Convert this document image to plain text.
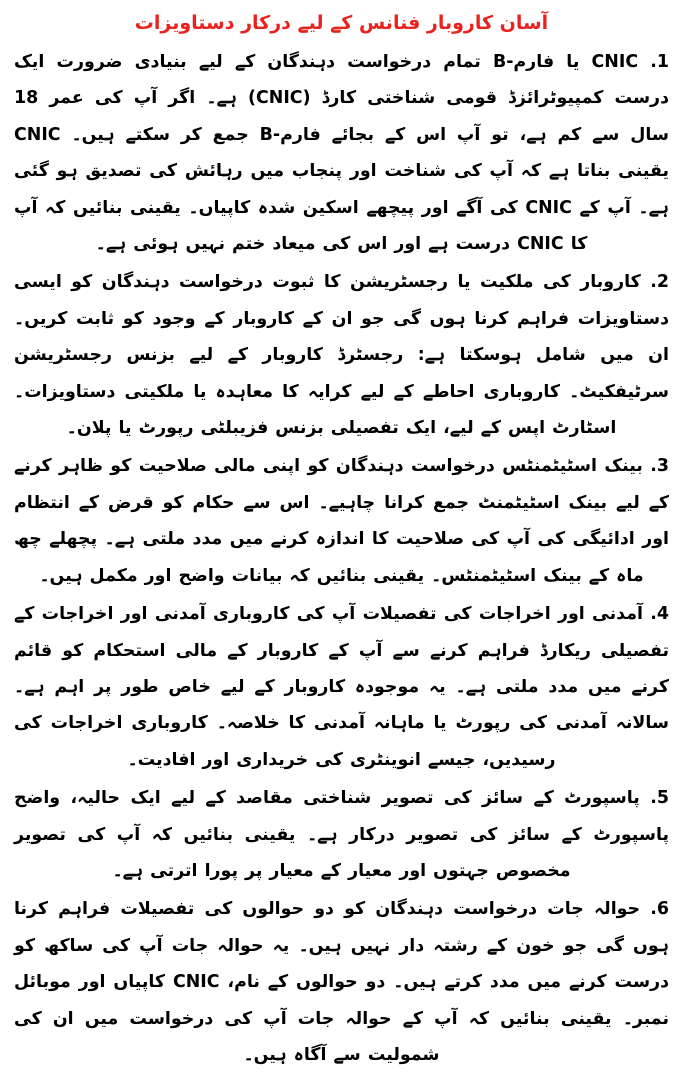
آسان کاروبار فنانس کے لیے درکار دستاویزات

1. CNIC یا فارم-B تمام درخواست دہندگان کے لیے بنیادی ضرورت ایک درست کمپیوٹرائزڈ قومی شناختی کارڈ (CNIC) ہے۔ اگر آپ کی عمر 18 سال سے کم ہے، تو آپ اس کے بجائے فارم-B جمع کر سکتے ہیں۔ CNIC یقینی بناتا ہے کہ آپ کی شناخت اور پنجاب میں رہائش کی تصدیق ہو گئی ہے۔ آپ کے CNIC کی آگے اور پیچھے اسکین شدہ کاپیاں۔ یقینی بنائیں کہ آپ کا CNIC درست ہے اور اس کی میعاد ختم نہیں ہوئی ہے۔

2. کاروبار کی ملکیت یا رجسٹریشن کا ثبوت درخواست دہندگان کو ایسی دستاویزات فراہم کرنا ہوں گی جو ان کے کاروبار کے وجود کو ثابت کریں۔ ان میں شامل ہوسکتا ہے: رجسٹرڈ کاروبار کے لیے بزنس رجسٹریشن سرٹیفکیٹ۔ کاروباری احاطے کے لیے کرایہ کا معاہدہ یا ملکیتی دستاویزات۔ اسٹارٹ اپس کے لیے، ایک تفصیلی بزنس فزیبلٹی رپورٹ یا پلان۔

3. بینک اسٹیٹمنٹس درخواست دہندگان کو اپنی مالی صلاحیت کو ظاہر کرنے کے لیے بینک اسٹیٹمنٹ جمع کرانا چاہیے۔ اس سے حکام کو قرض کے انتظام اور ادائیگی کی آپ کی صلاحیت کا اندازہ کرنے میں مدد ملتی ہے۔ پچھلے چھ ماہ کے بینک اسٹیٹمنٹس۔ یقینی بنائیں کہ بیانات واضح اور مکمل ہیں۔

4. آمدنی اور اخراجات کی تفصیلات آپ کی کاروباری آمدنی اور اخراجات کے تفصیلی ریکارڈ فراہم کرنے سے آپ کے کاروبار کے مالی استحکام کو قائم کرنے میں مدد ملتی ہے۔ یہ موجودہ کاروبار کے لیے خاص طور پر اہم ہے۔ سالانہ آمدنی کی رپورٹ یا ماہانہ آمدنی کا خلاصہ۔ کاروباری اخراجات کی رسیدیں، جیسے انوینٹری کی خریداری اور افادیت۔

5. پاسپورٹ کے سائز کی تصویر شناختی مقاصد کے لیے ایک حالیہ، واضح پاسپورٹ کے سائز کی تصویر درکار ہے۔ یقینی بنائیں کہ آپ کی تصویر مخصوص جہتوں اور معیار کے معیار پر پورا اترتی ہے۔

6. حوالہ جات درخواست دہندگان کو دو حوالوں کی تفصیلات فراہم کرنا ہوں گی جو خون کے رشتہ دار نہیں ہیں۔ یہ حوالہ جات آپ کی ساکھ کو درست کرنے میں مدد کرتے ہیں۔ دو حوالوں کے نام، CNIC کاپیاں اور موبائل نمبر۔ یقینی بنائیں کہ آپ کے حوالہ جات آپ کی درخواست میں ان کی شمولیت سے آگاہ ہیں۔
